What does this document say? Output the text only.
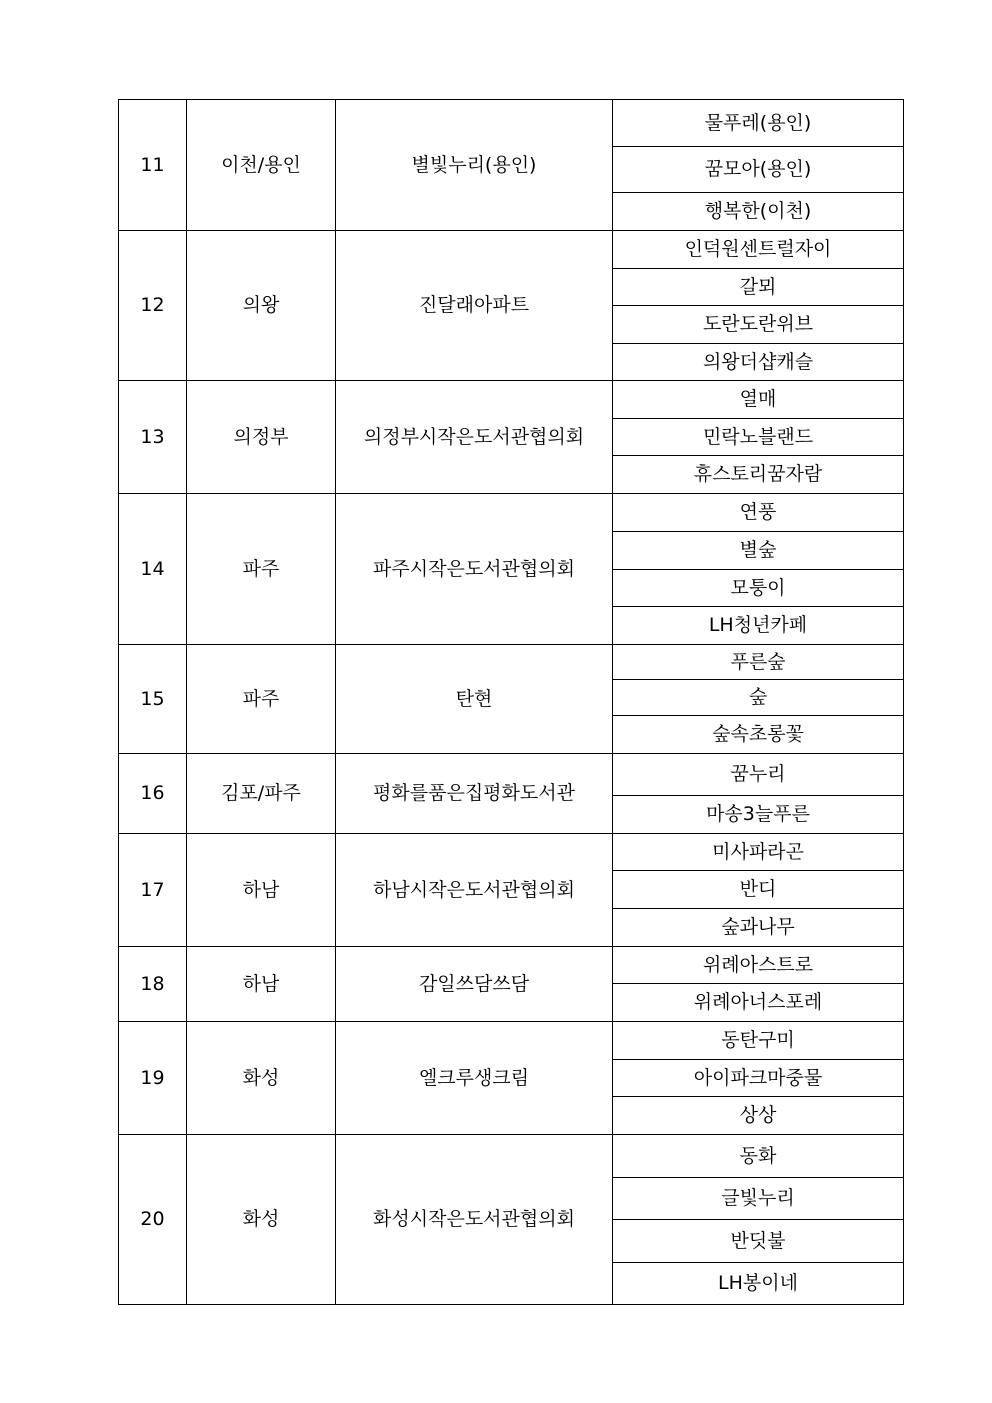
11	이천/용인	별빛누리(용인)	물푸레(용인)
			꿈모아(용인)
			행복한(이천)
12	의왕	진달래아파트	인덕원센트럴자이
			갈뫼
			도란도란위브
			의왕더샵캐슬
13	의정부	의정부시작은도서관협의회	열매
			민락노블랜드
			휴스토리꿈자람
14	파주	파주시작은도서관협의회	연풍
			별숲
			모퉁이
			LH청년카페
15	파주	탄현	푸른숲
			숲
			숲속초롱꽃
16	김포/파주	평화를품은집평화도서관	꿈누리
			마송3늘푸른
17	하남	하남시작은도서관협의회	미사파라곤
			반디
			숲과나무
18	하남	감일쓰담쓰담	위례아스트로
			위례아너스포레
19	화성	엘크루생크림	동탄구미
			아이파크마중물
			상상
20	화성	화성시작은도서관협의회	동화
			글빛누리
			반딧불
			LH봉이네
